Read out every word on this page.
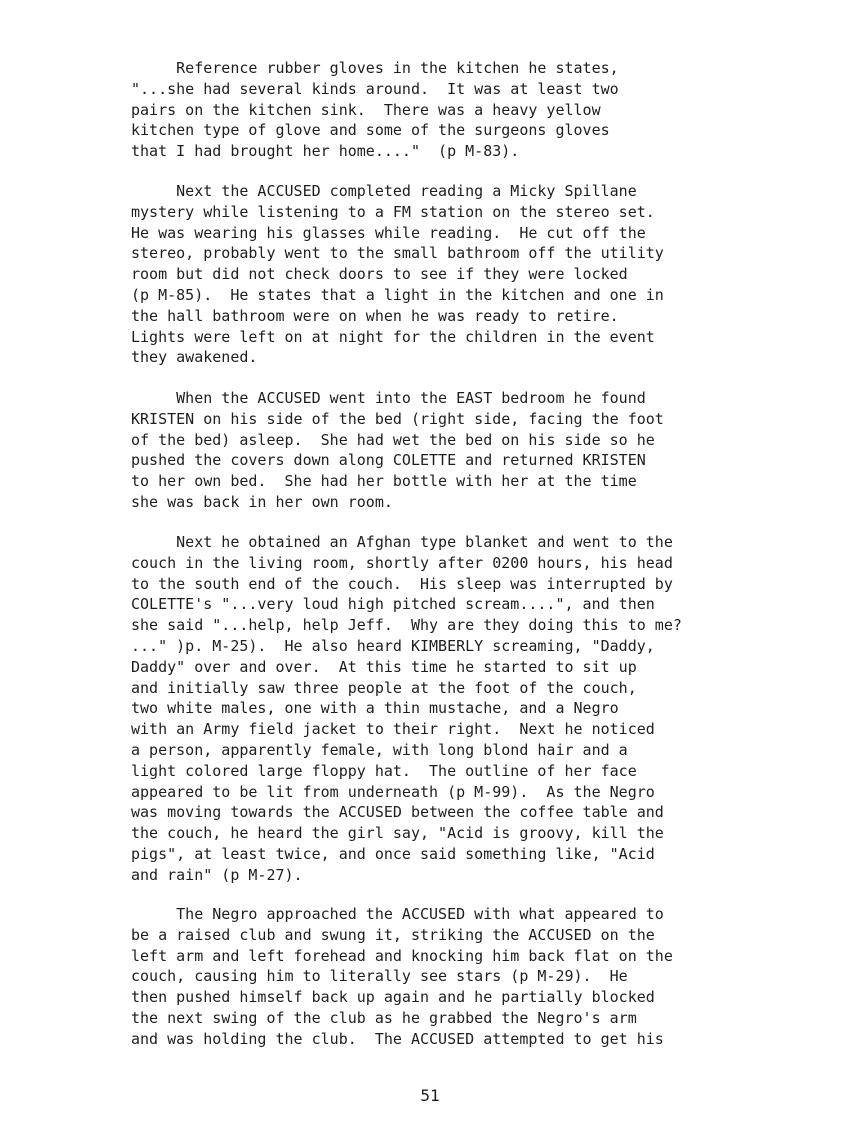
Reference rubber gloves in the kitchen he states,
"...she had several kinds around.  It was at least two
pairs on the kitchen sink.  There was a heavy yellow
kitchen type of glove and some of the surgeons gloves
that I had brought her home...."  (p M-83).
Next the ACCUSED completed reading a Micky Spillane
mystery while listening to a FM station on the stereo set.
He was wearing his glasses while reading.  He cut off the
stereo, probably went to the small bathroom off the utility
room but did not check doors to see if they were locked
(p M-85).  He states that a light in the kitchen and one in
the hall bathroom were on when he was ready to retire.
Lights were left on at night for the children in the event
they awakened.
When the ACCUSED went into the EAST bedroom he found
KRISTEN on his side of the bed (right side, facing the foot
of the bed) asleep.  She had wet the bed on his side so he
pushed the covers down along COLETTE and returned KRISTEN
to her own bed.  She had her bottle with her at the time
she was back in her own room.
Next he obtained an Afghan type blanket and went to the
couch in the living room, shortly after 0200 hours, his head
to the south end of the couch.  His sleep was interrupted by
COLETTE's "...very loud high pitched scream....", and then
she said "...help, help Jeff.  Why are they doing this to me?
..." )p. M-25).  He also heard KIMBERLY screaming, "Daddy,
Daddy" over and over.  At this time he started to sit up
and initially saw three people at the foot of the couch,
two white males, one with a thin mustache, and a Negro
with an Army field jacket to their right.  Next he noticed
a person, apparently female, with long blond hair and a
light colored large floppy hat.  The outline of her face
appeared to be lit from underneath (p M-99).  As the Negro
was moving towards the ACCUSED between the coffee table and
the couch, he heard the girl say, "Acid is groovy, kill the
pigs", at least twice, and once said something like, "Acid
and rain" (p M-27).
The Negro approached the ACCUSED with what appeared to
be a raised club and swung it, striking the ACCUSED on the
left arm and left forehead and knocking him back flat on the
couch, causing him to literally see stars (p M-29).  He
then pushed himself back up again and he partially blocked
the next swing of the club as he grabbed the Negro's arm
and was holding the club.  The ACCUSED attempted to get his
51
